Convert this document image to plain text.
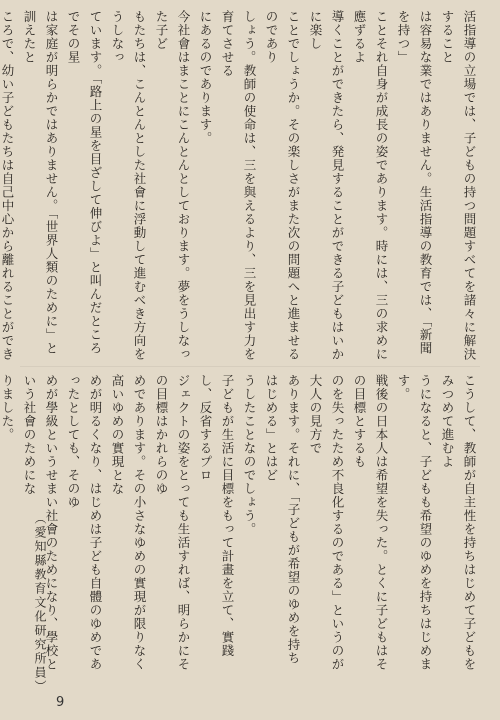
活指導の立場では、子どもの持つ問題すべてを諸々に解決すること
は容易な業ではありません。生活指導の教育では、「新聞を持つ」
ことそれ自身が成長の姿であります。時には、三の求めに應ずるよ
導くことができたら、発見することができる子どもはいかに楽し
ことでしょうか。その楽しさがまた次の問題へと進ませるのであり
しょう。教師の使命は、三を與えるより、三を見出す力を育てさせる
にあるのであります。
今社會はまことにこんとんとしております。夢をうしなった子ど
もたちは、こんとんとした社會に浮動して進むべき方向をうしなっ
ています。「路上の星を目ざして伸びよ」と叫んだところでその星
は家庭が明らかではありません。「世界人類のために」と訓えたと
ころで、幼い子どもたちは自己中心から離れることができ
こうして、教師が自主性を持ちはじめて子どもをみつめて進むよ
うになると、子どもも希望のゆめを持ちはじめます。
戦後の日本人は希望を失った。とくに子どもはその目標とするも
のを失ったため不良化するのである」というのが大人の見方で
あります。それに、「子どもが希望のゆめを持ちはじめる」とはど
うしたことなのでしょう。
子どもが生活に目標をもって計畫を立て、實踐し、反省するプロ
ジェクトの姿をとっても生活すれば、明らかにその目標はかれらのゆ
めであります。その小さなゆめの實現が限りなく高いゆめの實現とな
めが明るくなり、はじめは子ども自體のゆめであったとしても、そのゆ
めが學級というせまい社會のためになり、學校という社會のためにな
りました。
（愛知縣教育文化研究所員）
9
